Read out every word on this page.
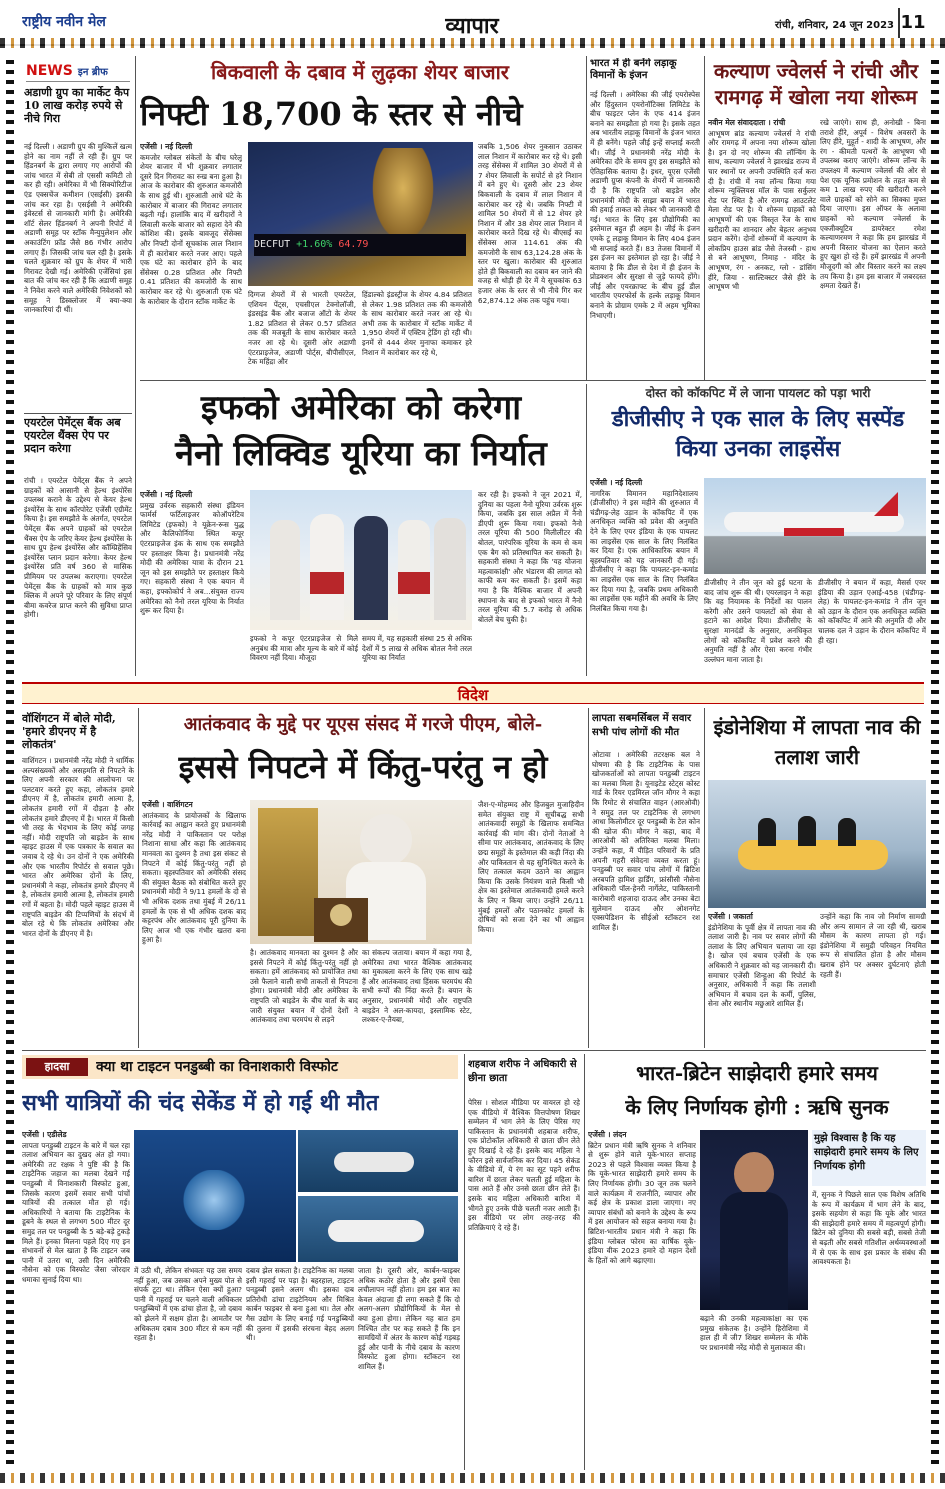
राष्ट्रीय नवीन मेल	व्यापार	रांची, शनिवार, 24 जून 2023 11
NEWS इन ब्रीफ
अडाणी ग्रुप का मार्केट कैप 10 लाख करोड़ रुपये से नीचे गिरा
नई दिल्ली । अडाणी ग्रुप की मुश्किलें खत्म होने का नाम नहीं ले रही हैं। ग्रुप पर हिंडनबर्ग के द्वारा लगाए गए आरोपों की जांच भारत में सेबी तो एससी कमिटी तो कर ही रही। अमेरिका में भी सिक्योरिटीज एंड एक्सचेंज कमीशन (एसईसी) इसकी जांच कर रहा है। एसईसी ने अमेरिकी इंवेस्टर्स से जानकारी मांगी है। अमेरिकी शॉर्ट सेलर हिंडनबर्ग ने अपनी रिपोर्ट में अडाणी समूह पर स्टॉक मैन्युपुलेशन और अकाउंटिंग फ्रॉड जैसे 86 गंभीर आरोप लगाए हैं। जिसकी जांच चल रही है। इसके चलते शुक्रवार को ग्रुप के शेयर में भारी गिरावट देखी गई। अमेरिकी एजेंसियां इस बात की जांच कर रही हैं कि अडाणी समूह ने निवेश करने वाले अमेरिकी निवेशकों को समूह ने डिस्क्लोजर में क्या-क्या जानकारियां दी थीं।
एयरटेल पेमेंट्स बैंक अब एयरटेल थैंक्स ऐप पर प्रदान करेगा
रांची । एयरटेल पेमेंट्स बैंक ने अपने ग्राहकों को आसानी से हेल्थ इंश्योरेंस उपलब्ध कराने के उद्देश्य से केयर हेल्थ इंश्योरेंस के साथ कॉरपोरेट एजेंसी एग्रीमेंट किया है। इस समझौते के अंतर्गत, एयरटेल पेमेंट्स बैंक अपने ग्राहकों को एयरटेल थैंक्स ऐप के जरिए केयर हेल्थ इंश्योरेंस के साथ ग्रुप हेल्थ इंश्योरेंस और कॉम्प्रिहेंसिव इंश्योरेंस प्लान प्रदान करेगा। केयर हेल्थ इंश्योरेंस प्रति वर्ष 360 से मासिक प्रीमियम पर उपलब्ध कराएगा। एयरटेल पेमेंट्स बैंक के ग्राहकों को मात्र कुछ क्लिक में अपने पूरे परिवार के लिए संपूर्ण बीमा कवरेज प्राप्त करने की सुविधा प्राप्त होगी।
बिकवाली के दबाव में लुढ़का शेयर बाजार
निफ्टी 18,700 के स्तर से नीचे
एजेंसी । नई दिल्ली
कमजोर ग्लोबल संकेतों के बीच घरेलू शेयर बाजार में भी शुक्रवार लगातार दूसरे दिन गिरावट का रुख बना हुआ है। आज के कारोबार की शुरुआत कमजोरी के साथ हुई थी। शुरुआती आधे घंटे के कारोबार में बाजार की गिरावट लगातार बढ़ती गई। हालांकि बाद में खरीदारों ने लिवाली करके बाजार को सहारा देने की कोशिश की। इसके बावजूद सेंसेक्स और निफ्टी दोनों सूचकांक लाल निशान में ही कारोबार करते नजर आए। पहले एक घंटे का कारोबार होने के बाद सेंसेक्स 0.28 प्रतिशत और निफ्टी 0.41 प्रतिशत की कमजोरी के साथ कारोबार कर रहे थे। शुरुआती एक घंटे के कारोबार के दौरान स्टॉक मार्केट के
DECFUT +1.60% 64.79
दिग्गज शेयरों में से भारती एयरटेल, एशियन पेंट्स, एचसीएल टेक्नोलॉजी, इंडसइंड बैंक और बजाज ऑटो के शेयर 1.82 प्रतिशत से लेकर 0.57 प्रतिशत तक की मजबूती के साथ कारोबार करते नजर आ रहे थे। दूसरी ओर अडाणी एंटरप्राइजेज, अडाणी पोर्ट्स, बीपीसीएल, टेक महिंद्रा और
हिंडाल्को इंडस्ट्रीज के शेयर 4.84 प्रतिशत से लेकर 1.98 प्रतिशत तक की कमजोरी के साथ कारोबार करते नजर आ रहे थे। अभी तक के कारोबार में स्टॉक मार्केट में 1,950 शेयरों में एक्टिव ट्रेडिंग हो रही थी। इनमें से 444 शेयर मुनाफा कमाकर हरे निशान में कारोबार कर रहे थे,
जबकि 1,506 शेयर नुकसान उठाकर लाल निशान में कारोबार कर रहे थे। इसी तरह सेंसेक्स में शामिल 30 शेयरों में से 7 शेयर लिवाली के सपोर्ट से हरे निशान में बने हुए थे। दूसरी ओर 23 शेयर बिकवाली के दबाव में लाल निशान में कारोबार कर रहे थे। जबकि निफ्टी में शामिल 50 शेयरों में से 12 शेयर हरे निशान में और 38 शेयर लाल निशान में कारोबार करते दिख रहे थे। बीएसई का सेंसेक्स आज 114.61 अंक की कमजोरी के साथ 63,124.28 अंक के स्तर पर खुला। कारोबार की शुरुआत होते ही बिकवाली का दबाव बन जाने की वजह से थोड़ी ही देर में ये सूचकांक 63 हजार अंक के स्तर से भी नीचे गिर कर 62,874.12 अंक तक पहुंच गया।
भारत में ही बनेंगे लड़ाकू विमानों के इंजन
नई दिल्ली । अमेरिका की जीई एयरोस्पेस और हिंदुस्तान एयरोनॉटिक्स लिमिटेड के बीच फाइटर प्लेन के एफ 414 इंजन बनाने का समझौता हो गया है। इसके तहत अब भारतीय लड़ाकू विमानों के इंजन भारत में ही बनेंगे। पहले जीई इन्हें सप्लाई करती थी। जीई ने प्रधानमंत्री नरेंद्र मोदी के अमेरिका दौरे के समय हुए इस समझौते को ऐतिहासिक बताया है। इधर, यूएस एजेंसी अडाणी ग्रुप्स कंपनी के शेयरों में जानकारी दी है कि राष्ट्रपति जो बाइडेन और प्रधानमंत्री मोदी के साझा बयान में भारत की हवाई ताकत को लेकर भी जानकारी दी गई। भारत के लिए इस प्रौद्योगिकी का इस्तेमाल बहुत ही अहम है। जीई के इंजन एमके टू लड़ाकू विमान के लिए 404 इंजन भी सप्लाई करते हैं। 83 तेजस विमानों में इस इंजन का इस्तेमाल हो रहा है। जीई ने बताया है कि डील से देश में ही इंजन के प्रोडक्शन और सुरक्षा से जुड़े फायदे होंगे। जीई और एयरक्राफ्ट के बीच हुई डील भारतीय एयरफोर्स के हल्के लड़ाकू विमान बनाने के प्रोग्राम एमके 2 में अहम भूमिका निभाएगी।
कल्याण ज्वेलर्स ने रांची और रामगढ़ में खोला नया शोरूम
नवीन मेल संवाददाता । रांची
आभूषण ब्रांड कल्याण ज्वेलर्स ने रांची और रामगढ़ में अपना नया शोरूम खोला है। इन दो नए शोरूम की लॉन्चिंग के साथ, कल्याण ज्वेलर्स ने झारखंड राज्य में चार स्थानों पर अपनी उपस्थिति दर्ज करा दी है। रांची में नया लॉन्च किया गया शोरूम न्यूक्लियस मॉल के पास सर्कुलर रोड पर स्थित है और रामगढ़ आउटलेट मेला रोड पर है। ये शोरूम ग्राहकों को आभूषणों की एक विस्तृत रेंज के साथ खरीदारी का शानदार और बेहतर अनुभव प्रदान करेंगे। दोनों शोरूमों में कल्याण के लोकप्रिय हाउस ब्रांड जैसे तेजस्वी - हाथ से बने आभूषण, निमाह - मंदिर के आभूषण, रंग - अनकट, ग्लो - डांसिंग हीरे, जिया - साल्टिक्स्टर जैसे हीरे के आभूषण भी
रखे जाएंगे। साथ ही, अनोखी - बिना तराशे हीरे, अपूर्व - विशेष अवसरों के लिए हीरे, मुहूर्त - शादी के आभूषण, और रंग - कीमती पत्थरों के आभूषण भी उपलब्ध कराए जाएंगे। शोरूम लॉन्च के उपलक्ष्य में कल्याण ज्वेलर्स की ओर से पेश एक यूनिक प्रमोशन के तहत कम से कम 1 लाख रुपए की खरीदारी करने वाले ग्राहकों को सोने का सिक्का मुफ्त दिया जाएगा। इस ऑफर के अलावा ग्राहकों को कल्याण ज्वेलर्स के एक्जीक्यूटिव डायरेक्टर रमेश कल्याणरमण ने कहा कि हम झारखंड में अपनी विस्तार योजना का ऐलान करते हुए खुश हो रहे हैं। हमें झारखंड में अपनी मौजूदगी को और विस्तार करने का लक्ष्य तय किया है। हम इस बाजार में जबरदस्त क्षमता देखते हैं।
इफको अमेरिका को करेगा
नैनो लिक्विड यूरिया का निर्यात
एजेंसी । नई दिल्ली
प्रमुख उर्वरक सहकारी संस्था इंडियन फार्मर्स फर्टिलाइजर कोऑपरेटिव लिमिटेड (इफको) ने यूक्रेन-रूस युद्ध और कैलिफोर्निया स्थित कपूर एंटरप्राइजेज इंक के साथ एक समझौते पर हस्ताक्षर किया है। प्रधानमंत्री नरेंद्र मोदी की अमेरिका यात्रा के दौरान 21 जून को इस समझौते पर हस्ताक्षर किये गए। सहकारी संस्था ने एक बयान में कहा, इफ्कोकोर्प ने अब...संयुक्त राज्य अमेरिका को नैनो तरल यूरिया के निर्यात शुरू कर दिया है।
इफको ने कपूर एंटरप्राइजेज से मिले अनुबंध की मात्रा और मूल्य के बारे में कोई विवरण नहीं दिया। मौजूदा
समय में, यह सहकारी संस्था 25 से अधिक देशों में 5 लाख से अधिक बोतल नैनो तरल यूरिया का निर्यात
कर रही है। इफको ने जून 2021 में, दुनिया का पहला नैनो यूरिया उर्वरक शुरू किया, जबकि इस साल अप्रैल में नैनो डीएपी शुरू किया गया। इफको नैनो तरल यूरिया की 500 मिलीलीटर की बोतल, पारंपरिक यूरिया के कम से कम एक बैग को प्रतिस्थापित कर सकती है। सहकारी संस्था ने कहा कि 'यह योजना महत्वाकांक्षी' और भंडारण की लागत को काफी कम कर सकती है। इसमें कहा गया है कि वैश्विक बाजार में अपनी स्थापना के बाद से इफको भारत में नैनो तरल यूरिया की 5.7 करोड़ से अधिक बोतलें बेच चुकी है।
दोस्त को कॉकपिट में ले जाना पायलट को पड़ा भारी
डीजीसीए ने एक साल के लिए सस्पेंड किया उनका लाइसेंस
एजेंसी । नई दिल्ली
नागरिक विमानन महानिदेशालय (डीजीसीए) ने इस महीने की शुरुआत में चंडीगढ़-लेह उड़ान के कॉकपिट में एक अनधिकृत व्यक्ति को प्रवेश की अनुमति देने के लिए एयर इंडिया के एक पायलट का लाइसेंस एक साल के लिए निलंबित कर दिया है। एक आधिकारिक बयान में बृहस्पतिवार को यह जानकारी दी गई। डीजीसीए ने कहा कि पायलट-इन-कमांड का लाइसेंस एक साल के लिए निलंबित कर दिया गया है, जबकि प्रथम अधिकारी का लाइसेंस एक महीने की अवधि के लिए निलंबित किया गया है।
डीजीसीए ने तीन जून को हुई घटना के बाद जांच शुरू की थी। एयरलाइन ने कहा कि वह नियामक के निर्देशों का पालन करेगी और उसने पायलटों को सेवा से हटाने का आदेश दिया। डीजीसीए के सुरक्षा मानदंडों के अनुसार, अनधिकृत लोगों को कॉकपिट में प्रवेश करने की अनुमति नहीं है और ऐसा करना गंभीर उल्लंघन माना जाता है।
डीजीसीए ने बयान में कहा, मैसर्स एयर इंडिया की उड़ान एआई-458 (चंडीगढ़-लेह) के पायलट-इन-कमांड ने तीन जून को उड़ान के दौरान एक अनधिकृत व्यक्ति को कॉकपिट में आने की अनुमति दी और चालक दल ने उड़ान के दौरान कॉकपिट में ही रहा।
विदेश
वॉशिंगटन में बोले मोदी, 'हमारे डीएनए में है लोकतंत्र'
वाशिंगटन । प्रधानमंत्री नरेंद्र मोदी ने धार्मिक अल्पसंख्यकों और असहमति से निपटने के लिए अपनी सरकार की आलोचना पर पलटवार करते हुए कहा, लोकतंत्र हमारे डीएनए में है, लोकतंत्र हमारी आत्मा है, लोकतंत्र हमारी रगों में दौड़ता है और लोकतंत्र हमारे डीएनए में है। भारत में किसी भी तरह के भेदभाव के लिए कोई जगह नहीं। मोदी राष्ट्रपति जो बाइडेन के साथ व्हाइट हाउस में एक पत्रकार के सवाल का जवाब दे रहे थे। उन दोनों ने एक अमेरिकी और एक भारतीय रिपोर्टर से सवाल पूछे। भारत और अमेरिका दोनों के लिए, प्रधानमंत्री ने कहा, लोकतंत्र हमारे डीएनए में है, लोकतंत्र हमारी आत्मा है, लोकतंत्र हमारी रगों में बहता है। मोदी पहले व्हाइट हाउस में राष्ट्रपति बाइडेन की टिप्पणियों के संदर्भ में बोल रहे थे कि लोकतंत्र अमेरिका और भारत दोनों के डीएनए में है।
आतंकवाद के मुद्दे पर यूएस संसद में गरजे पीएम, बोले-
इससे निपटने में किंतु-परंतु न हो
एजेंसी । वाशिंगटन
आतंकवाद के प्रायोजकों के खिलाफ कार्रवाई का आह्वान करते हुए प्रधानमंत्री नरेंद्र मोदी ने पाकिस्तान पर परोक्ष निशाना साधा और कहा कि आतंकवाद मानवता का दुश्मन है तथा इस संकट से निपटने में कोई किंतु-परंतु नहीं हो सकता। बृहस्पतिवार को अमेरिकी संसद की संयुक्त बैठक को संबोधित करते हुए प्रधानमंत्री मोदी ने 9/11 हमलों के दो से भी अधिक दशक तथा मुंबई में 26/11 हमलों के एक से भी अधिक दशक बाद कट्टरपंथ और आतंकवाद पूरी दुनिया के लिए आज भी एक गंभीर खतरा बना हुआ है।
है। आतंकवाद मानवता का दुश्मन है और इससे निपटने में कोई किंतु-परंतु नहीं हो सकता। हमें आतंकवाद को प्रायोजित तथा उसे फैलाने वाली सभी ताकतों से निपटना होगा। प्रधानमंत्री मोदी और अमेरिका के राष्ट्रपति जो बाइडेन के बीच वार्ता के बाद जारी संयुक्त बयान में दोनों देशों ने आतंकवाद तथा चरमपंथ से लड़ने
का संकल्प जताया। बयान में कहा गया है, अमेरिका तथा भारत वैश्विक आतंकवाद का मुकाबला करने के लिए एक साथ खड़े हैं और आतंकवाद तथा हिंसक चरमपंथ की सभी रूपों की निंदा करते हैं। बयान के अनुसार, प्रधानमंत्री मोदी और राष्ट्रपति बाइडेन ने अल-कायदा, इस्लामिक स्टेट, लश्कर-ए-तैयबा,
जैश-ए-मोहम्मद और हिजबुल मुजाहिदीन समेत संयुक्त राष्ट्र में सूचीबद्ध सभी आतंकवादी समूहों के खिलाफ समन्वित कार्रवाई की मांग की। दोनों नेताओं ने सीमा पार आतंकवाद, आतंकवाद के लिए छद्म समूहों के इस्तेमाल की कड़ी निंदा की और पाकिस्तान से यह सुनिश्चित करने के लिए तत्काल कदम उठाने का आह्वान किया कि उसके नियंत्रण वाले किसी भी क्षेत्र का इस्तेमाल आतंकवादी हमले करने के लिए न किया जाए। उन्होंने 26/11 मुंबई हमलों और पठानकोट हमलों के दोषियों को सजा देने का भी आह्वान किया।
लापता सबमर्सिबल में सवार सभी पांच लोगों की मौत
ओटावा । अमेरिकी तटरक्षक बल ने घोषणा की है कि टाइटैनिक के पास खोजकर्ताओं को लापता पनडुब्बी टाइटन का मलबा मिला है। यूनाइटेड स्टेट्स कोस्ट गार्ड के रियर एडमिरल जॉन मौगर ने कहा कि रिमोट से संचालित वाहन (आरओवी) ने समुद्र तल पर टाइटैनिक से लगभग आधा किलोमीटर दूर पनडुब्बी के टेल कोन की खोज की। मौगर ने कहा, बाद में आरओवी को अतिरिक्त मलबा मिला। उन्होंने कहा, मैं पीड़ित परिवारों के प्रति अपनी गहरी संवेदना व्यक्त करता हूं। पनडुब्बी पर सवार पांच लोगों में ब्रिटिश अरबपति हामिश हार्डिंग, फ्रांसीसी नौसेना अधिकारी पॉल-हेनरी नार्गेलेट, पाकिस्तानी कारोबारी शहजादा दाऊद और उनका बेटा सुलेमान दाऊद और ओशनगेट एक्सपेडिशन के सीईओ स्टॉकटन रश शामिल हैं।
इंडोनेशिया में लापता नाव की तलाश जारी
एजेंसी । जकार्ता
इंडोनेशिया के पूर्वी क्षेत्र में लापता नाव की तलाश जारी है। नाव पर सवार लोगों की तलाश के लिए अभियान चलाया जा रहा है। खोज एवं बचाव एजेंसी के एक अधिकारी ने शुक्रवार को यह जानकारी दी। समाचार एजेंसी शिन्हुआ की रिपोर्ट के अनुसार, अधिकारी ने कहा कि तलाशी अभियान में बचाव दल के कर्मी, पुलिस, सेना और स्थानीय मछुआरे शामिल हैं।
उन्होंने कहा कि नाव जो निर्माण सामग्री और अन्य सामान ले जा रही थी, खराब मौसम के कारण लापता हो गई। इंडोनेशिया में समुद्री परिवहन नियमित रूप से संचालित होता है और मौसम खराब होने पर अक्सर दुर्घटनाएं होती रहती हैं।
हादसा	क्या था टाइटन पनडुब्बी का विनाशकारी विस्फोट
सभी यात्रियों की चंद सेकेंड में हो गई थी मौत
एजेंसी । एडीलेड
लापता पनडुब्बी टाइटन के बारे में चल रहा तलाश अभियान का दुखद अंत हो गया। अमेरिकी तट रक्षक ने पुष्टि की है कि टाइटैनिक जहाज का मलबा देखने गई पनडुब्बी में विनाशकारी विस्फोट हुआ, जिसके कारण इसमें सवार सभी पांचों यात्रियों की तत्काल मौत हो गई। अधिकारियों ने बताया कि टाइटैनिक के डूबने के स्थल से लगभग 500 मीटर दूर समुद्र तल पर पनडुब्बी के 5 बड़े-बड़े टुकड़े मिले हैं। इनका मिलना पहले दिए गए इन संभावनों से मेल खाता है कि टाइटन जब पानी में उतरा था, उसी दिन अमेरिकी नौसेना को एक विस्फोट जैसा जोरदार धमाका सुनाई दिया था।
में उठी थी, लेकिन संभवतः यह उस समय नहीं हुआ, जब उसका अपने मुख्य पोत से संपर्क टूटा था। लेकिन ऐसा क्यों हुआ? पानी में गहराई पर चलने वाली अधिकतर पनडुब्बियों में एक ढांचा होता है, जो दबाव को झेलने में सक्षम होता है। आमतौर पर अधिकतम दबाव 300 मीटर से कम नहीं रहता है।
दबाव झेल सकता है। टाइटैनिक का मलबा इसी गहराई पर पड़ा है। बहरहाल, टाइटन पनडुब्बी इसने अलग थी। इसका दाब प्रतिरोधी ढांचा टाइटेनियम और मिश्रित कार्बन फाइबर से बना हुआ था। तेल और गैस उद्योग के लिए बनाई गई पनडुब्बियों की तुलना में इसकी संरचना बेहद अलग थी।
जाता है। दूसरी ओर, कार्बन-फाइबर अधिक कठोर होता है और इसमें ऐसा लचीलापन नहीं होता। हम इस बात का केवल अंदाजा ही लगा सकते हैं कि दो अलग-अलग प्रौद्योगिकियों के मेल से क्या हुआ होगा। लेकिन यह बात हम निश्चित तौर पर कह सकते हैं कि इन सामग्रियों में अंतर के कारण कोई गड़बड़ हुई और पानी के नीचे दबाव के कारण विस्फोट हुआ होगा। स्टॉकटन रश शामिल हैं।
शहबाज शरीफ ने अधिकारी से छीना छाता
पेरिस । सोशल मीडिया पर वायरल हो रहे एक वीडियो में वैश्विक वित्तपोषण शिखर सम्मेलन में भाग लेने के लिए पेरिस गए पाकिस्तान के प्रधानमंत्री शहबाज शरीफ, एक प्रोटोकॉल अधिकारी से छाता छीन लेते हुए दिखाई दे रहे हैं। इसके बाद महिला ने फौरन इसे सार्वजनिक कर दिया। 45 सेकंड के वीडियो में, ये रंग का सूट पहने शरीफ बारिश में छाता लेकर चलती हुई महिला के पास आते हैं और उनसे छाता छीन लेते हैं। इसके बाद महिला अधिकारी बारिश में भीगते हुए उनके पीछे चलती नजर आती हैं। इस वीडियो पर लोग तरह-तरह की प्रतिक्रियाएं दे रहे हैं।
भारत-ब्रिटेन साझेदारी हमारे समय
के लिए निर्णायक होगी : ऋषि सुनक
एजेंसी । लंदन
ब्रिटेन प्रधान मंत्री ऋषि सुनक ने शनिवार से शुरू होने वाले यूके-भारत सप्ताह 2023 से पहले विश्वास व्यक्त किया है कि यूके-भारत साझेदारी हमारे समय के लिए निर्णायक होगी। 30 जून तक चलने वाले कार्यक्रम में राजनीति, व्यापार और कई क्षेत्र के प्रकाश डाला जाएगा। नए व्यापार संबंधों को बनाने के उद्देश्य के रूप में इस आयोजन को सहज बनाया गया है। ब्रिटिश-भारतीय प्रधान मंत्री ने कहा कि इंडिया ग्लोबल फोरम का वार्षिक यूके-इंडिया वीक 2023 हमारे दो महान देशों के हितों को आगे बढ़ाएगा।
बढ़ाने की उनकी महत्वाकांक्षा का एक प्रमुख संकेतक है। उन्होंने हिरोशिमा में हाल ही में जी7 शिखर सम्मेलन के मौके पर प्रधानमंत्री नरेंद्र मोदी से मुलाकात की।
मुझे विश्वास है कि यह साझेदारी हमारे समय के लिए निर्णायक होगी
में, सुनक ने पिछले साल एक विशेष अतिथि के रूप में कार्यक्रम में भाग लेने के बाद, इसके सहयोग से कहा कि यूके और भारत की साझेदारी हमारे समय में महत्वपूर्ण होगी। ब्रिटेन को दुनिया की सबसे बड़ी, सबसे तेजी से बढ़ती और सबसे गतिशील अर्थव्यवस्थाओं में से एक के साथ इस प्रकार के संबंध की आवश्यकता है।
